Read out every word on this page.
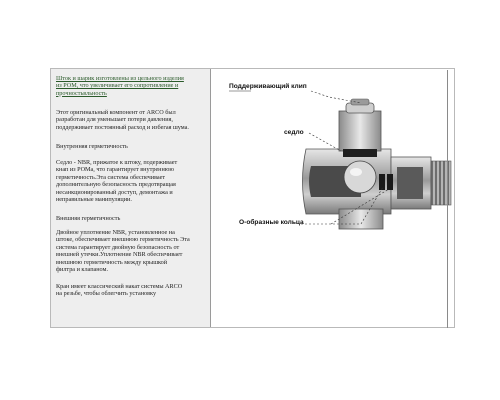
Шток и шарик изготовлены из цельного изделия
из POM, что увеличивает его сопротивление и
прочностьвльность
Этот оригинальный компонент от ARCO был
разработан для уменьшает потери давления,
поддерживает постоянный расход и избегая шума.
Внутренняя герметичность
Седло - NBR, прижатое к штоку, подерживает
кнап из POMа, что гарантирует внутреннюю
герметичность.Эта система обеспечивает
дополнительную безопасность предотвращая
несанкционированный доступ, демонтажа и
неправильные манипуляции.
Внешняя герметичность
Двойное уплотнение NBR, установленное на
штоке, обеспечивает внешнюю герметичность Эта
система гарантирует двойную безопасность от
внешней утечки.Уплотнение NBR обеспечивает
внешнюю герметичность между крышкой
филтра и клапаном.
Кран имеет классический накат системы ARCO
на резьбе, чтобы облегчить установку
Поддерживающий клип
седло
О-образные кольца
